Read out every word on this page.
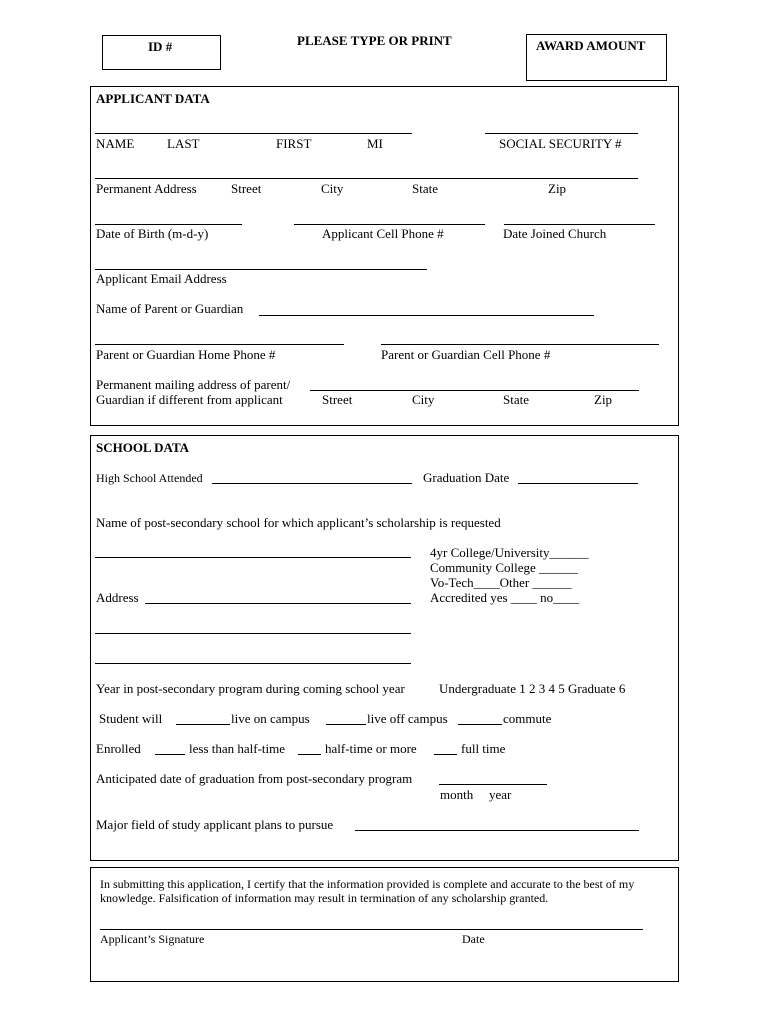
ID #	PLEASE TYPE OR PRINT	AWARD AMOUNT
APPLICANT DATA
NAME	LAST	FIRST	MI	SOCIAL SECURITY #
Permanent Address	Street	City	State	Zip
Date of Birth (m-d-y)	Applicant Cell Phone #	Date Joined Church
Applicant Email Address
Name of Parent or Guardian
Parent or Guardian Home Phone #	Parent or Guardian Cell Phone #
Permanent mailing address of parent/
Guardian if different from applicant	Street	City	State	Zip
SCHOOL DATA
High School Attended	Graduation Date
Name of post-secondary school for which applicant’s scholarship is requested
4yr College/University______
Community College ______
Vo-Tech____Other ______
Accredited yes ____ no____
Address
Year in post-secondary program during coming school year	Undergraduate 1 2 3 4 5 Graduate 6
Student will	live on campus	live off campus	commute
Enrolled	less than half-time	half-time or more	full time
Anticipated date of graduation from post-secondary program
month year
Major field of study applicant plans to pursue
In submitting this application, I certify that the information provided is complete and accurate to the best of my
knowledge. Falsification of information may result in termination of any scholarship granted.
Applicant’s Signature	Date
